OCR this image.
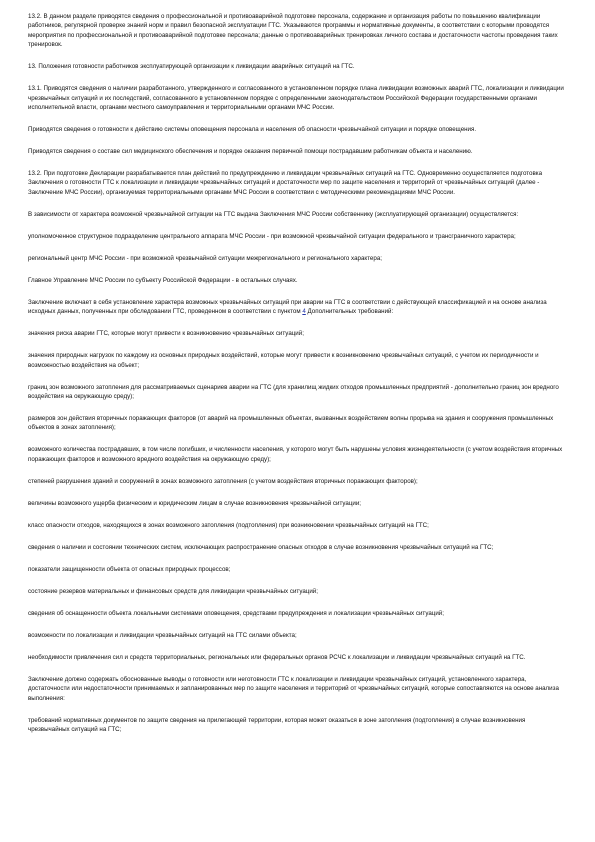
13.2. В данном разделе приводятся сведения о профессиональной и противоаварийной подготовке персонала, содержание и организация работы по повышению квалификации работников, регулярной проверке знаний норм и правил безопасной эксплуатации ГТС. Указываются программы и нормативные документы, в соответствии с которыми проводятся мероприятия по профессиональной и противоаварийной подготовке персонала; данные о противоаварийных тренировках личного состава и достаточности частоты проведения таких тренировок.

13. Положения готовности работников эксплуатирующей организации к ликвидации аварийных ситуаций на ГТС.

13.1. Приводятся сведения о наличии разработанного, утвержденного и согласованного в установленном порядке плана ликвидации возможных аварий ГТС, локализации и ликвидации чрезвычайных ситуаций и их последствий, согласованного в установленном порядке с определенными законодательством Российской Федерации государственными органами исполнительной власти, органами местного самоуправления и территориальными органами МЧС России.

Приводятся сведения о готовности к действию системы оповещения персонала и населения об опасности чрезвычайной ситуации и порядке оповещения.

Приводятся сведения о составе сил медицинского обеспечения и порядке оказания первичной помощи пострадавшим работникам объекта и населению.

13.2. При подготовке Декларации разрабатывается план действий по предупреждению и ликвидации чрезвычайных ситуаций на ГТС. Одновременно осуществляется подготовка Заключения о готовности ГТС к локализации и ликвидации чрезвычайных ситуаций и достаточности мер по защите населения и территорий от чрезвычайных ситуаций (далее - Заключение МЧС России), организуемая территориальными органами МЧС России в соответствии с методическими рекомендациями МЧС России.

В зависимости от характера возможной чрезвычайной ситуации на ГТС выдача Заключения МЧС России собственнику (эксплуатирующей организации) осуществляется:

уполномоченное структурное подразделение центрального аппарата МЧС России - при возможной чрезвычайной ситуации федерального и трансграничного характера;

региональный центр МЧС России - при возможной чрезвычайной ситуации межрегионального и регионального характера;

Главное Управление МЧС России по субъекту Российской Федерации - в остальных случаях.

Заключение включает в себя установление характера возможных чрезвычайных ситуаций при аварии на ГТС в соответствии с действующей классификацией и на основе анализа исходных данных, полученных при обследовании ГТС, проведенном в соответствии с пунктом 4 Дополнительных требований:

значения риска аварии ГТС, которые могут привести к возникновению чрезвычайных ситуаций;

значения природных нагрузок по каждому из основных природных воздействий, которые могут привести к возникновению чрезвычайных ситуаций, с учетом их периодичности и возможностью воздействия на объект;

границ зон возможного затопления для рассматриваемых сценариев аварии на ГТС (для хранилищ жидких отходов промышленных предприятий - дополнительно границ зон вредного воздействия на окружающую среду);

размеров зон действия вторичных поражающих факторов (от аварий на промышленных объектах, вызванных воздействием волны прорыва на здания и сооружения промышленных объектов в зонах затопления);

возможного количества пострадавших, в том числе погибших, и численности населения, у которого могут быть нарушены условия жизнедеятельности (с учетом воздействия вторичных поражающих факторов и возможного вредного воздействия на окружающую среду);

степеней разрушения зданий и сооружений в зонах возможного затопления (с учетом воздействия вторичных поражающих факторов);

величины возможного ущерба физическим и юридическим лицам в случае возникновения чрезвычайной ситуации;

класс опасности отходов, находящихся в зонах возможного затопления (подтопления) при возникновении чрезвычайных ситуаций на ГТС;

сведения о наличии и состоянии технических систем, исключающих распространение опасных отходов в случае возникновения чрезвычайных ситуаций на ГТС;

показатели защищенности объекта от опасных природных процессов;

состояние резервов материальных и финансовых средств для ликвидации чрезвычайных ситуаций;

сведения об оснащенности объекта локальными системами оповещения, средствами предупреждения и локализации чрезвычайных ситуаций;

возможности по локализации и ликвидации чрезвычайных ситуаций на ГТС силами объекта;

необходимости привлечения сил и средств территориальных, региональных или федеральных органов РСЧС к локализации и ликвидации чрезвычайных ситуаций на ГТС.

Заключение должно содержать обоснованные выводы о готовности или неготовности ГТС к локализации и ликвидации чрезвычайных ситуаций, установленного характера, достаточности или недостаточности принимаемых и запланированных мер по защите населения и территорий от чрезвычайных ситуаций, которые сопоставляются на основе анализа выполнения:

требований нормативных документов по защите сведения на прилегающей территории, которая может оказаться в зоне затопления (подтопления) в случае возникновения чрезвычайных ситуаций на ГТС;
